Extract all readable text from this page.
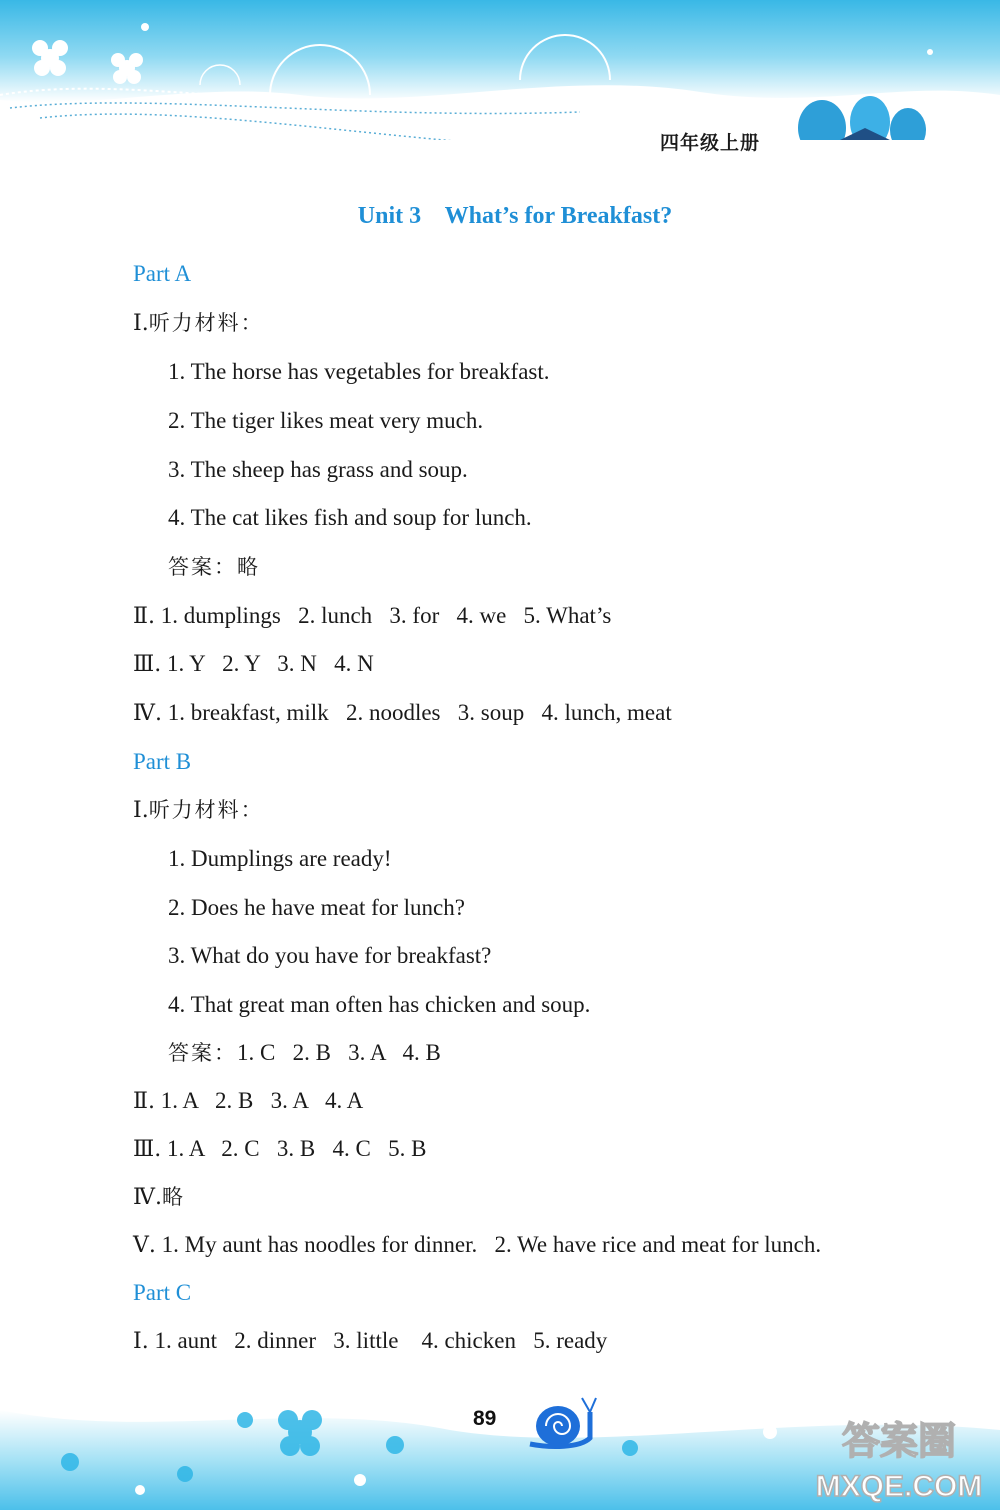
四年级上册
Unit 3    What’s for Breakfast?
Part A
Ⅰ.听力材料：
1. The horse has vegetables for breakfast.
2. The tiger likes meat very much.
3. The sheep has grass and soup.
4. The cat likes fish and soup for lunch.
答案：略
Ⅱ. 1. dumplings   2. lunch   3. for   4. we   5. What’s
Ⅲ. 1. Y   2. Y   3. N   4. N
Ⅳ. 1. breakfast, milk   2. noodles   3. soup   4. lunch, meat
Part B
Ⅰ.听力材料：
1. Dumplings are ready!
2. Does he have meat for lunch?
3. What do you have for breakfast?
4. That great man often has chicken and soup.
答案：1. C   2. B   3. A   4. B
Ⅱ. 1. A   2. B   3. A   4. A
Ⅲ. 1. A   2. C   3. B   4. C   5. B
Ⅳ.略
Ⅴ. 1. My aunt has noodles for dinner.   2. We have rice and meat for lunch.
Part C
Ⅰ. 1. aunt   2. dinner   3. little    4. chicken   5. ready
89
答案圈
MXQE.COM
